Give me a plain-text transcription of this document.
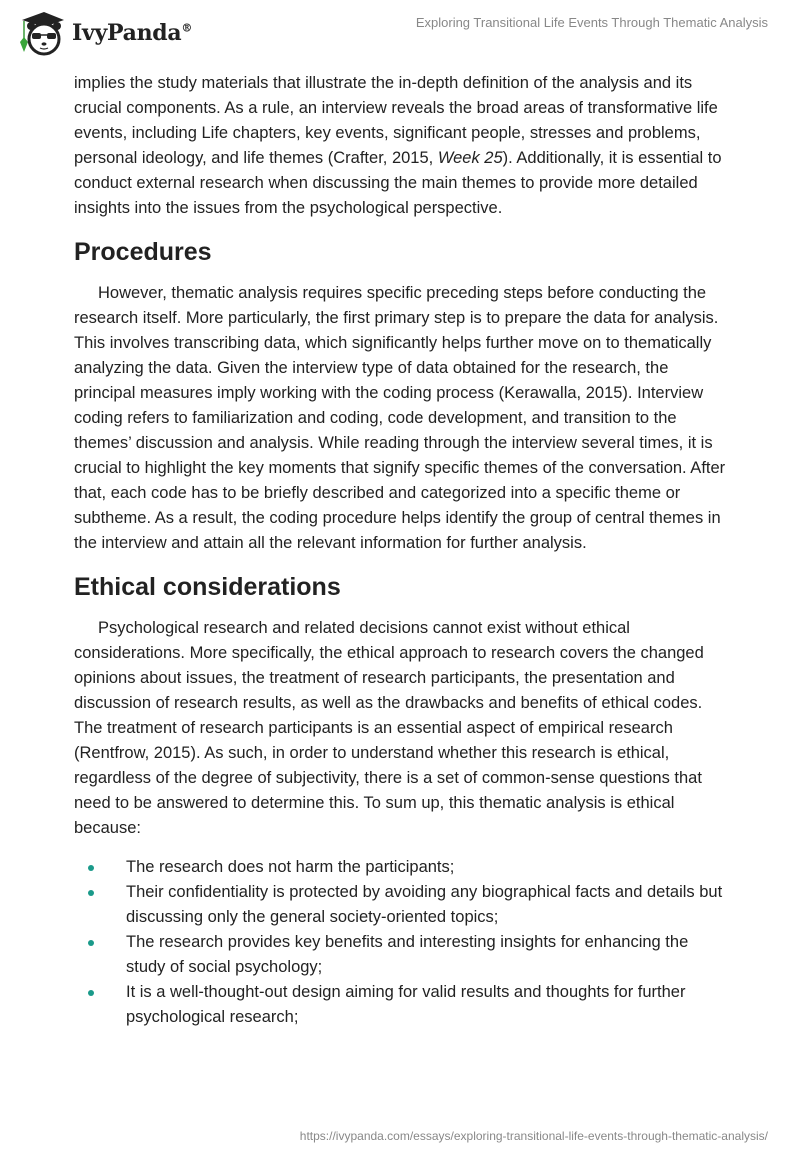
IvyPanda®	Exploring Transitional Life Events Through Thematic Analysis

implies the study materials that illustrate the in-depth definition of the analysis and its crucial components. As a rule, an interview reveals the broad areas of transformative life events, including Life chapters, key events, significant people, stresses and problems, personal ideology, and life themes (Crafter, 2015, Week 25). Additionally, it is essential to conduct external research when discussing the main themes to provide more detailed insights into the issues from the psychological perspective.

Procedures

However, thematic analysis requires specific preceding steps before conducting the research itself. More particularly, the first primary step is to prepare the data for analysis. This involves transcribing data, which significantly helps further move on to thematically analyzing the data. Given the interview type of data obtained for the research, the principal measures imply working with the coding process (Kerawalla, 2015). Interview coding refers to familiarization and coding, code development, and transition to the themes’ discussion and analysis. While reading through the interview several times, it is crucial to highlight the key moments that signify specific themes of the conversation. After that, each code has to be briefly described and categorized into a specific theme or subtheme. As a result, the coding procedure helps identify the group of central themes in the interview and attain all the relevant information for further analysis.

Ethical considerations

Psychological research and related decisions cannot exist without ethical considerations. More specifically, the ethical approach to research covers the changed opinions about issues, the treatment of research participants, the presentation and discussion of research results, as well as the drawbacks and benefits of ethical codes. The treatment of research participants is an essential aspect of empirical research (Rentfrow, 2015). As such, in order to understand whether this research is ethical, regardless of the degree of subjectivity, there is a set of common-sense questions that need to be answered to determine this. To sum up, this thematic analysis is ethical because:

The research does not harm the participants;
Their confidentiality is protected by avoiding any biographical facts and details but discussing only the general society-oriented topics;
The research provides key benefits and interesting insights for enhancing the study of social psychology;
It is a well-thought-out design aiming for valid results and thoughts for further psychological research;
https://ivypanda.com/essays/exploring-transitional-life-events-through-thematic-analysis/
